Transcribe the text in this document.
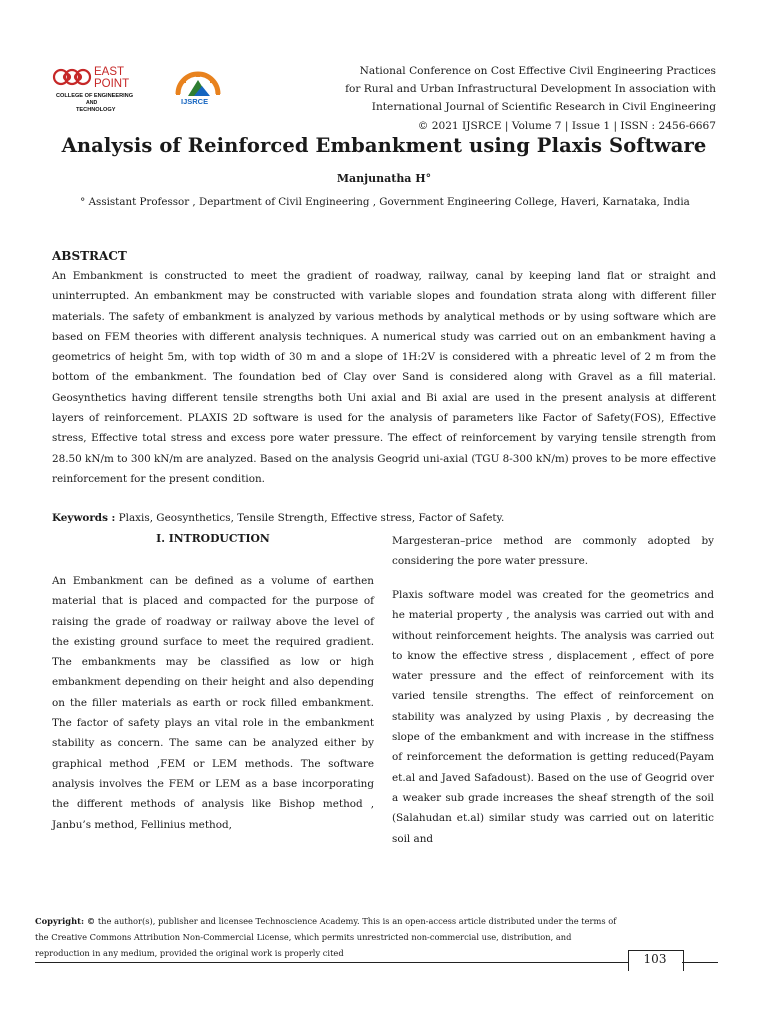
EAST
POINT
COLLEGE OF ENGINEERING
AND
TECHNOLOGY
IJSRCE
National Conference on Cost Effective Civil Engineering Practices
for Rural and Urban Infrastructural Development In association with
International Journal of Scientific Research in Civil Engineering
© 2021 IJSRCE | Volume 7 | Issue 1 | ISSN : 2456-6667
Analysis of Reinforced Embankment using Plaxis Software
Manjunatha H°
° Assistant Professor , Department of Civil Engineering , Government Engineering College, Haveri, Karnataka, India
ABSTRACT
An Embankment is constructed to meet the gradient of roadway, railway, canal by keeping land flat or straight and uninterrupted. An embankment may be constructed with variable slopes and foundation strata along with different filler materials. The safety of embankment is analyzed by various methods by analytical methods or by using software which are based on FEM theories with different analysis techniques. A numerical study was carried out on an embankment having a geometrics of height 5m, with top width of 30 m and a slope of 1H:2V is considered with a phreatic level of 2 m from the bottom of the embankment. The foundation bed of Clay over Sand is considered along with Gravel as a fill material. Geosynthetics having different tensile strengths both Uni axial and Bi axial are used in the present analysis at different layers of reinforcement. PLAXIS 2D software is used for the analysis of parameters like Factor of Safety(FOS), Effective stress, Effective total stress and excess pore water pressure. The effect of reinforcement by varying tensile strength from 28.50 kN/m to 300 kN/m are analyzed. Based on the analysis Geogrid uni-axial (TGU 8-300 kN/m) proves to be more effective reinforcement for the present condition.
Keywords : Plaxis, Geosynthetics, Tensile Strength, Effective stress, Factor of Safety.
I. INTRODUCTION
An Embankment can be defined as a volume of earthen material that is placed and compacted for the purpose of raising the grade of roadway or railway above the level of the existing ground surface to meet the required gradient. The embankments may be classified as low or high embankment depending on their height and also depending on the filler materials as earth or rock filled embankment. The factor of safety plays an vital role in the embankment stability as concern. The same can be analyzed either by graphical method ,FEM or LEM methods. The software analysis involves the FEM or LEM as a base incorporating the different methods of analysis like Bishop method , Janbu’s method, Fellinius method,
Margesteran–price method are commonly adopted by considering the pore water pressure.
Plaxis software model was created for the geometrics and he material property , the analysis was carried out with and without reinforcement heights. The analysis was carried out to know the effective stress , displacement , effect of pore water pressure and the effect of reinforcement with its varied tensile strengths. The effect of reinforcement on stability was analyzed by using Plaxis , by decreasing the slope of the embankment and with increase in the stiffness of reinforcement the deformation is getting reduced(Payam et.al and Javed Safadoust). Based on the use of Geogrid over a weaker sub grade increases the sheaf strength of the soil (Salahudan et.al) similar study was carried out on lateritic soil and
Copyright: © the author(s), publisher and licensee Technoscience Academy. This is an open-access article distributed under the terms of the Creative Commons Attribution Non-Commercial License, which permits unrestricted non-commercial use, distribution, and reproduction in any medium, provided the original work is properly cited	103
